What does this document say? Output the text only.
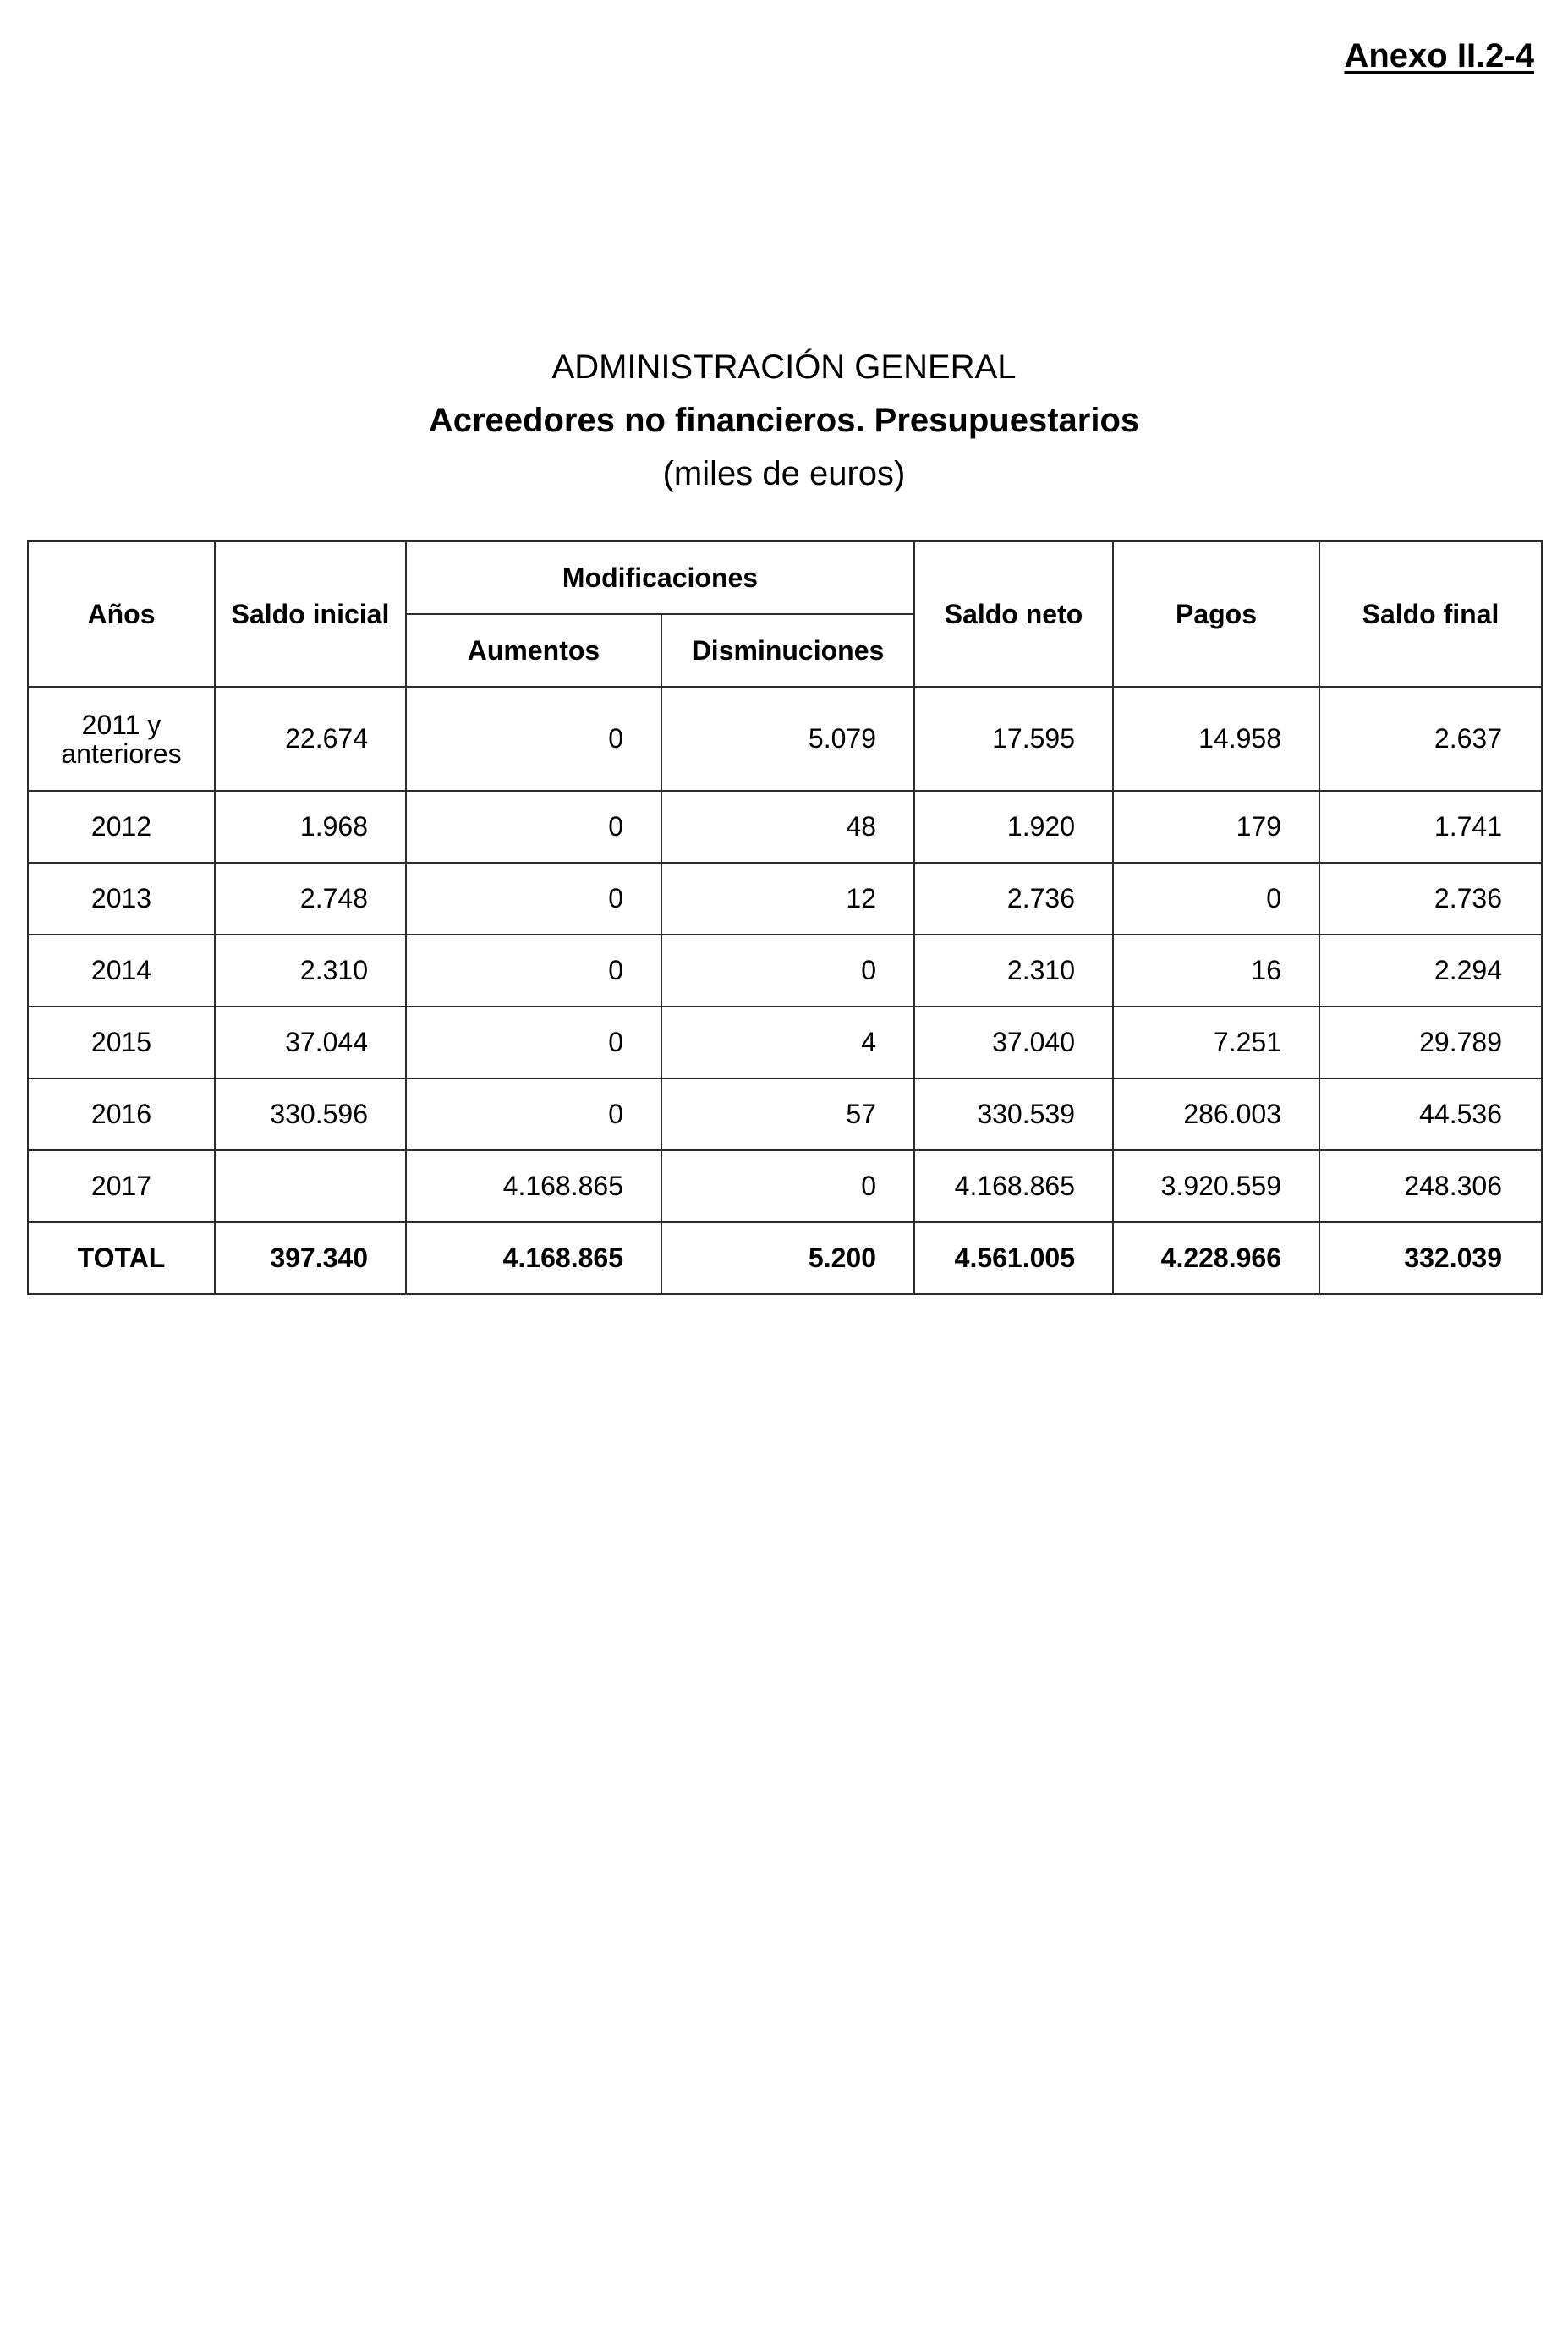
Anexo II.2-4
ADMINISTRACIÓN GENERAL
Acreedores no financieros. Presupuestarios
(miles de euros)
Años	Saldo inicial	Modificaciones		Saldo neto	Pagos	Saldo final
		Aumentos	Disminuciones			

2011 y
anteriores	22.674	0	5.079	17.595	14.958	2.637
2012	1.968	0	48	1.920	179	1.741
2013	2.748	0	12	2.736	0	2.736
2014	2.310	0	0	2.310	16	2.294
2015	37.044	0	4	37.040	7.251	29.789
2016	330.596	0	57	330.539	286.003	44.536
2017		4.168.865	0	4.168.865	3.920.559	248.306
TOTAL	397.340	4.168.865	5.200	4.561.005	4.228.966	332.039
